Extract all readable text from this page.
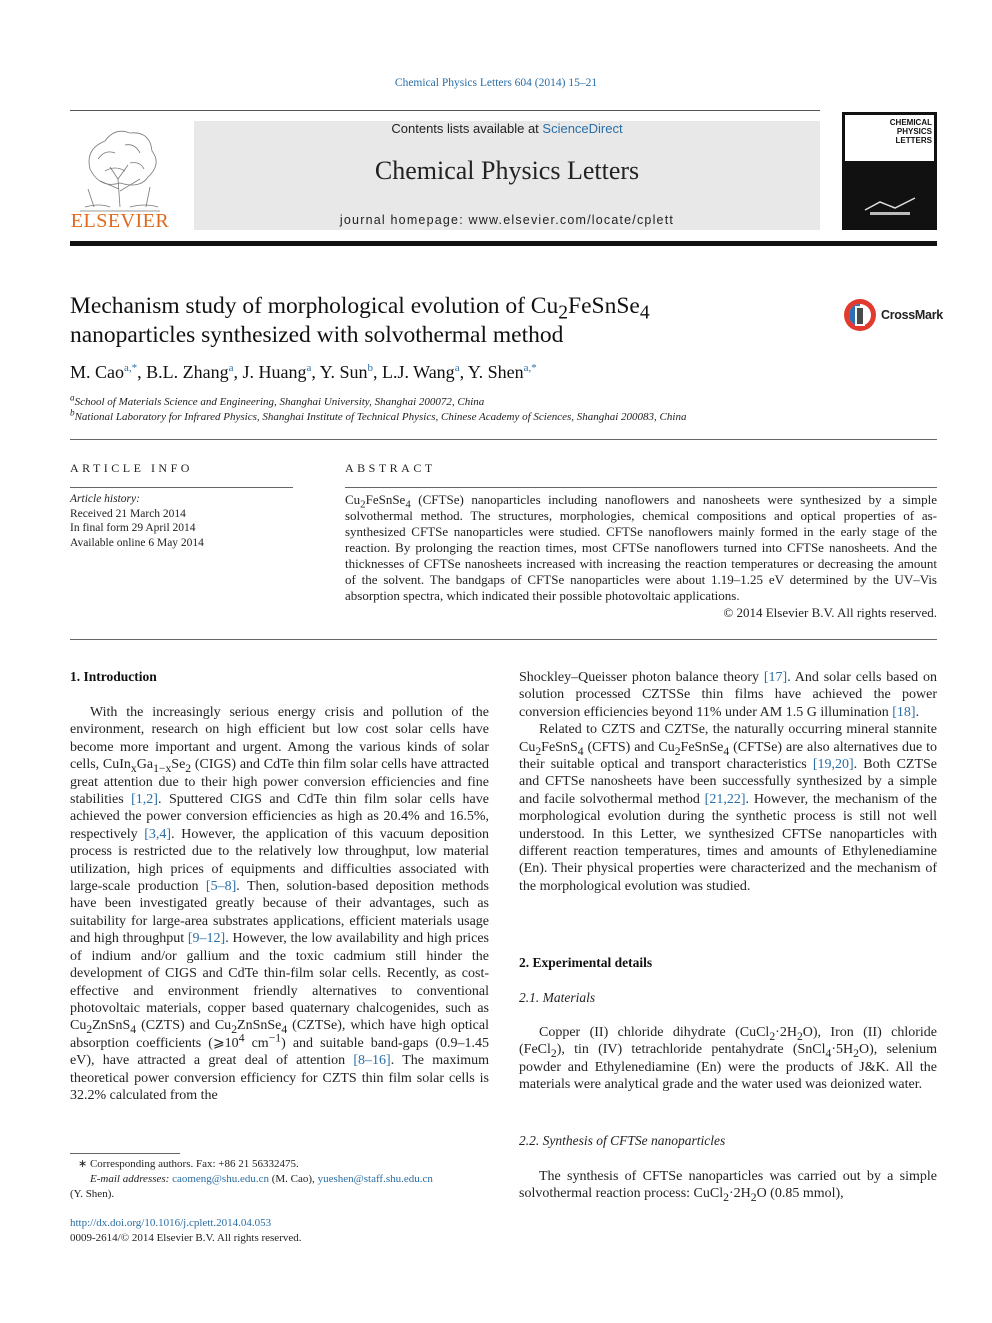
Chemical Physics Letters 604 (2014) 15–21
ELSEVIER
Contents lists available at ScienceDirect
Chemical Physics Letters
journal homepage: www.elsevier.com/locate/cplett
CHEMICAL
PHYSICS
LETTERS
Mechanism study of morphological evolution of $Cu_2FeSnSe_4$
nanoparticles synthesized with solvothermal method
CrossMark
M. Cao$^{a,*}$, B.L. Zhang$^a$, J. Huang$^a$, Y. Sun$^b$, L.J. Wang$^a$, Y. Shen$^{a,*}$
$^a$School of Materials Science and Engineering, Shanghai University, Shanghai 200072, China
$^b$National Laboratory for Infrared Physics, Shanghai Institute of Technical Physics, Chinese Academy of Sciences, Shanghai 200083, China
ARTICLE INFO
Article history:
Received 21 March 2014
In final form 29 April 2014
Available online 6 May 2014
ABSTRACT
$Cu_2FeSnSe_4$ (CFTSe) nanoparticles including nanoflowers and nanosheets were synthesized by a simple solvothermal method. The structures, morphologies, chemical compositions and optical properties of as-synthesized CFTSe nanoparticles were studied. CFTSe nanoflowers mainly formed in the early stage of the reaction. By prolonging the reaction times, most CFTSe nanoflowers turned into CFTSe nanosheets. And the thicknesses of CFTSe nanosheets increased with increasing the reaction temperatures or decreasing the amount of the solvent. The bandgaps of CFTSe nanoparticles were about 1.19–1.25 eV determined by the UV–Vis absorption spectra, which indicated their possible photovoltaic applications.
© 2014 Elsevier B.V. All rights reserved.
1. Introduction

With the increasingly serious energy crisis and pollution of the environment, research on high efficient but low cost solar cells have become more important and urgent. Among the various kinds of solar cells, $CuIn_xGa_{1-x}Se_2$ (CIGS) and CdTe thin film solar cells have attracted great attention due to their high power conversion efficiencies and fine stabilities [1,2]. Sputtered CIGS and CdTe thin film solar cells have achieved the power conversion efficiencies as high as 20.4% and 16.5%, respectively [3,4]. However, the application of this vacuum deposition process is restricted due to the relatively low throughput, low material utilization, high prices of equipments and difficulties associated with large-scale production [5–8]. Then, solution-based deposition methods have been investigated greatly because of their advantages, such as suitability for large-area substrates applications, efficient materials usage and high throughput [9–12]. However, the low availability and high prices of indium and/or gallium and the toxic cadmium still hinder the development of CIGS and CdTe thin-film solar cells. Recently, as cost-effective and environment friendly alternatives to conventional photovoltaic materials, copper based quaternary chalcogenides, such as $Cu_2ZnSnS_4$ (CZTS) and $Cu_2ZnSnSe_4$ (CZTSe), which have high optical absorption coefficients ($⩾10^4$ $cm^{-1}$) and suitable band-gaps (0.9–1.45 eV), have attracted a great deal of attention [8–16]. The maximum theoretical power conversion efficiency for CZTS thin film solar cells is 32.2% calculated from the

∗ Corresponding authors. Fax: +86 21 56332475.
E-mail addresses: caomeng@shu.edu.cn (M. Cao), yueshen@staff.shu.edu.cn
(Y. Shen).
http://dx.doi.org/10.1016/j.cplett.2014.04.053
0009-2614/© 2014 Elsevier B.V. All rights reserved.

Shockley–Queisser photon balance theory [17]. And solar cells based on solution processed CZTSSe thin films have achieved the power conversion efficiencies beyond 11% under AM 1.5 G illumination [18].

Related to CZTS and CZTSe, the naturally occurring mineral stannite $Cu_2FeSnS_4$ (CFTS) and $Cu_2FeSnSe_4$ (CFTSe) are also alternatives due to their suitable optical and transport characteristics [19,20]. Both CZTSe and CFTSe nanosheets have been successfully synthesized by a simple and facile solvothermal method [21,22]. However, the mechanism of the morphological evolution during the synthetic process is still not well understood. In this Letter, we synthesized CFTSe nanoparticles with different reaction temperatures, times and amounts of Ethylenediamine (En). Their physical properties were characterized and the mechanism of the morphological evolution was studied.

2. Experimental details
2.1. Materials

Copper (II) chloride dihydrate $(CuCl_2\cdot 2H_2O)$, Iron (II) chloride (FeCl$_2$), tin (IV) tetrachloride pentahydrate $(SnCl_4\cdot 5H_2O)$, selenium powder and Ethylenediamine (En) were the products of J&K. All the materials were analytical grade and the water used was deionized water.

2.2. Synthesis of CFTSe nanoparticles

The synthesis of CFTSe nanoparticles was carried out by a simple solvothermal reaction process: $CuCl_2\cdot 2H_2O$ (0.85 mmol),
